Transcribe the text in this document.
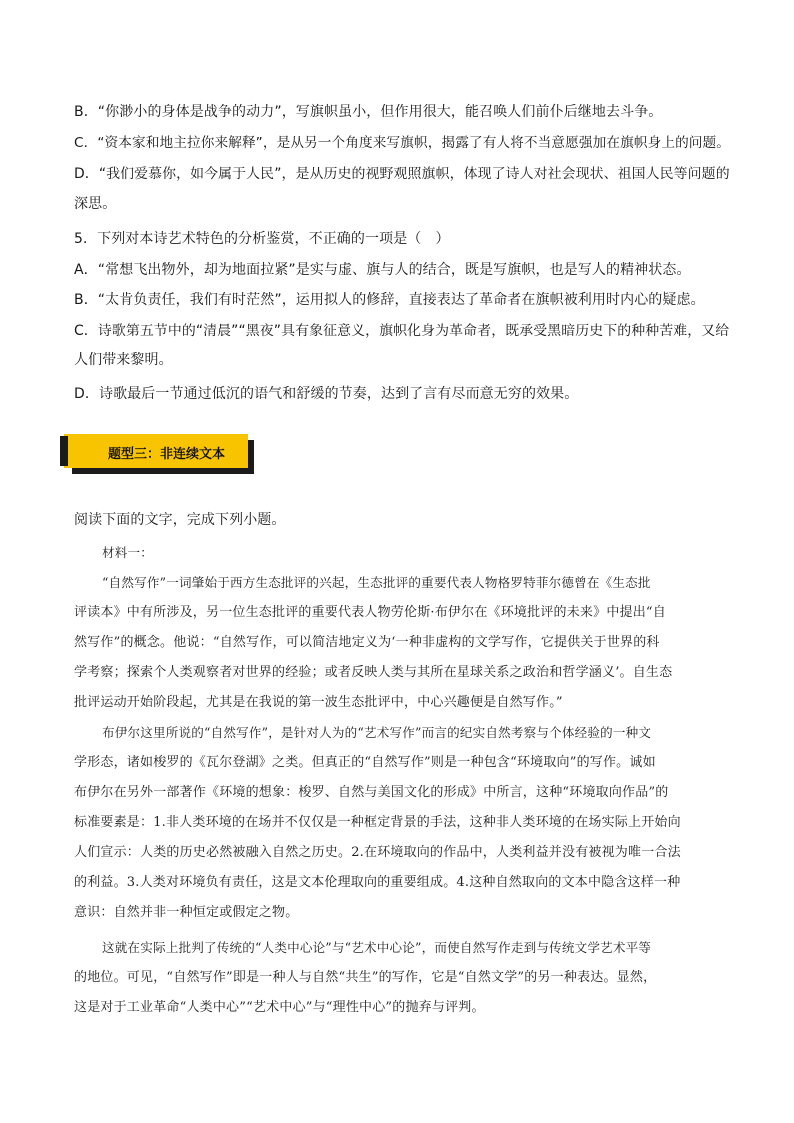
B．“你渺小的身体是战争的动力”，写旗帜虽小，但作用很大，能召唤人们前仆后继地去斗争。
C．“资本家和地主拉你来解释”，是从另一个角度来写旗帜，揭露了有人将不当意愿强加在旗帜身上的问题。
D．“我们爱慕你，如今属于人民”，是从历史的视野观照旗帜，体现了诗人对社会现状、祖国人民等问题的
深思。
5．下列对本诗艺术特色的分析鉴赏，不正确的一项是（　）
A．“常想飞出物外，却为地面拉紧”是实与虚、旗与人的结合，既是写旗帜，也是写人的精神状态。
B．“太肯负责任，我们有时茫然”，运用拟人的修辞，直接表达了革命者在旗帜被利用时内心的疑虑。
C．诗歌第五节中的“清晨”“黑夜”具有象征意义，旗帜化身为革命者，既承受黑暗历史下的种种苦难，又给
人们带来黎明。
D．诗歌最后一节通过低沉的语气和舒缓的节奏，达到了言有尽而意无穷的效果。
题型三：非连续文本
阅读下面的文字，完成下列小题。
材料一：
“自然写作”一词肇始于西方生态批评的兴起，生态批评的重要代表人物格罗特菲尔德曾在《生态批
评读本》中有所涉及，另一位生态批评的重要代表人物劳伦斯·布伊尔在《环境批评的未来》中提出“自
然写作”的概念。他说：“自然写作，可以简洁地定义为‘一种非虚构的文学写作，它提供关于世界的科
学考察；探索个人类观察者对世界的经验；或者反映人类与其所在星球关系之政治和哲学涵义’。自生态
批评运动开始阶段起，尤其是在我说的第一波生态批评中，中心兴趣便是自然写作。”
布伊尔这里所说的“自然写作”，是针对人为的“艺术写作”而言的纪实自然考察与个体经验的一种文
学形态，诸如梭罗的《瓦尔登湖》之类。但真正的“自然写作”则是一种包含“环境取向”的写作。诚如
布伊尔在另外一部著作《环境的想象：梭罗、自然与美国文化的形成》中所言，这种“环境取向作品”的
标准要素是：1.非人类环境的在场并不仅仅是一种框定背景的手法，这种非人类环境的在场实际上开始向
人们宣示：人类的历史必然被融入自然之历史。2.在环境取向的作品中，人类利益并没有被视为唯一合法
的利益。3.人类对环境负有责任，这是文本伦理取向的重要组成。4.这种自然取向的文本中隐含这样一种
意识：自然并非一种恒定或假定之物。
这就在实际上批判了传统的“人类中心论”与“艺术中心论”，而使自然写作走到与传统文学艺术平等
的地位。可见，“自然写作”即是一种人与自然“共生”的写作，它是“自然文学”的另一种表达。显然，
这是对于工业革命“人类中心”“艺术中心”与“理性中心”的抛弃与评判。
